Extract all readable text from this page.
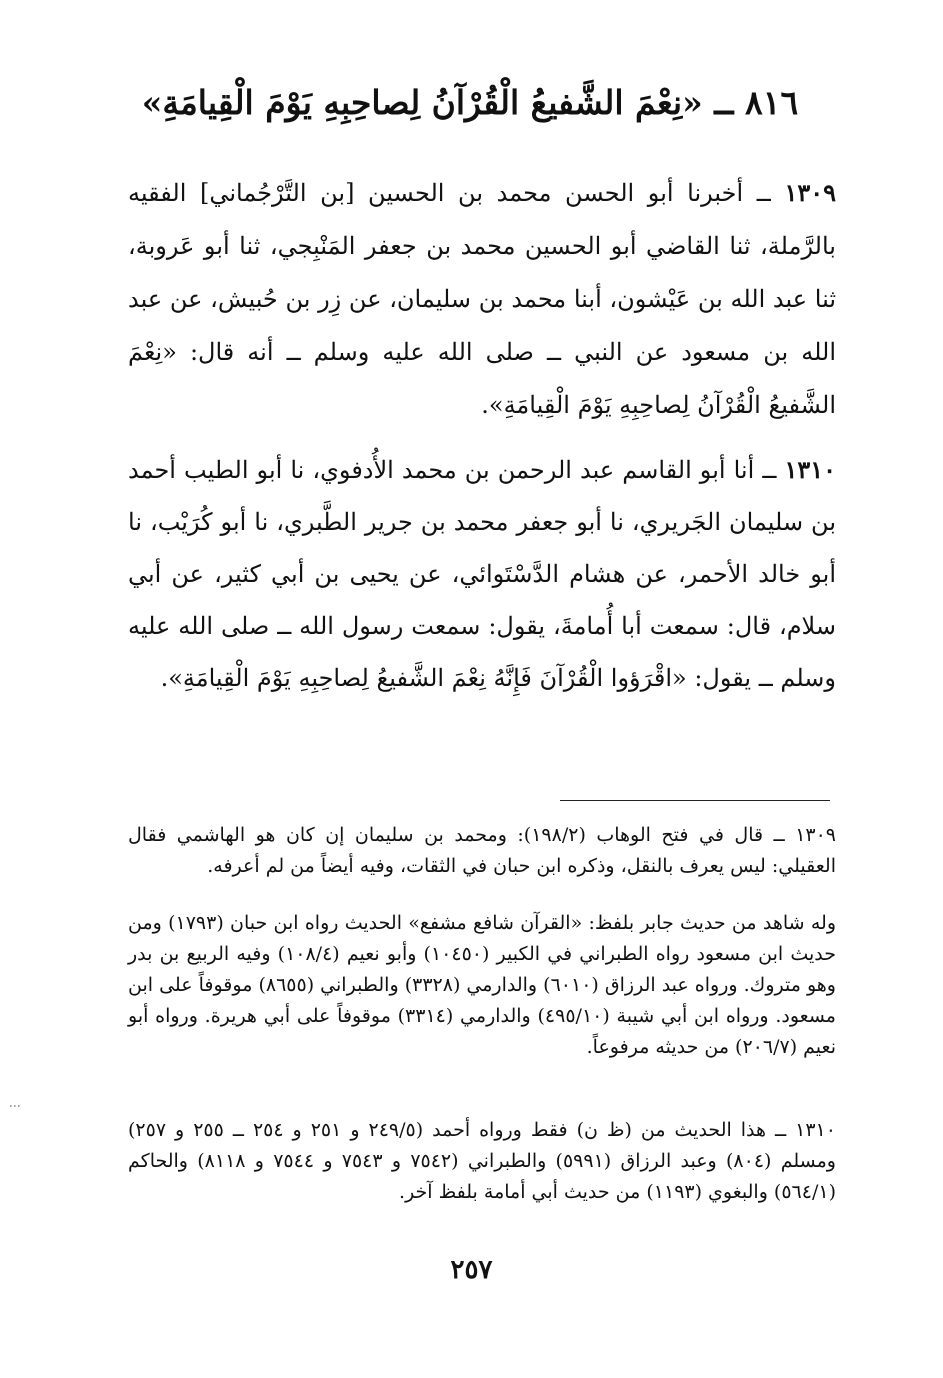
٨١٦ ــ «نِعْمَ الشَّفيعُ الْقُرْآنُ لِصاحِبِهِ يَوْمَ الْقِيامَةِ»

١٣٠٩ ــ أخبرنا أبو الحسن محمد بن الحسين [بن التَّرْجُماني] الفقيه بالرَّملة، ثنا القاضي أبو الحسين محمد بن جعفر المَنْبِجي، ثنا أبو عَروبة، ثنا عبد الله بن عَيْشون، أبنا محمد بن سليمان، عن زِر بن حُبيش، عن عبد الله بن مسعود عن النبي ــ صلى الله عليه وسلم ــ أنه قال: «نِعْمَ الشَّفيعُ الْقُرْآنُ لِصاحِبِهِ يَوْمَ الْقِيامَةِ».

١٣١٠ ــ أنا أبو القاسم عبد الرحمن بن محمد الأُدفوي، نا أبو الطيب أحمد بن سليمان الجَريري، نا أبو جعفر محمد بن جرير الطَّبري، نا أبو كُرَيْب، نا أبو خالد الأحمر، عن هشام الدَّسْتَوائي، عن يحيى بن أبي كثير، عن أبي سلام، قال: سمعت أبا أُمامةَ، يقول: سمعت رسول الله ــ صلى الله عليه وسلم ــ يقول: «اقْرَؤوا الْقُرْآنَ فَإِنَّهُ نِعْمَ الشَّفيعُ لِصاحِبِهِ يَوْمَ الْقِيامَةِ».

١٣٠٩ ــ قال في فتح الوهاب (١٩٨/٢): ومحمد بن سليمان إن كان هو الهاشمي فقال العقيلي: ليس يعرف بالنقل، وذكره ابن حبان في الثقات، وفيه أيضاً من لم أعرفه.

وله شاهد من حديث جابر بلفظ: «القرآن شافع مشفع» الحديث رواه ابن حبان (١٧٩٣) ومن حديث ابن مسعود رواه الطبراني في الكبير (١٠٤٥٠) وأبو نعيم (١٠٨/٤) وفيه الربيع بن بدر وهو متروك. ورواه عبد الرزاق (٦٠١٠) والدارمي (٣٣٢٨) والطبراني (٨٦٥٥) موقوفاً على ابن مسعود. ورواه ابن أبي شيبة (٤٩٥/١٠) والدارمي (٣٣١٤) موقوفاً على أبي هريرة. ورواه أبو نعيم (٢٠٦/٧) من حديثه مرفوعاً.

١٣١٠ ــ هذا الحديث من (ظ ن) فقط ورواه أحمد (٢٤٩/٥ و ٢٥١ و ٢٥٤ ــ ٢٥٥ و ٢٥٧) ومسلم (٨٠٤) وعبد الرزاق (٥٩٩١) والطبراني (٧٥٤٢ و ٧٥٤٣ و ٧٥٤٤ و ٨١١٨) والحاكم (٥٦٤/١) والبغوي (١١٩٣) من حديث أبي أمامة بلفظ آخر.

٢٥٧
⋮
